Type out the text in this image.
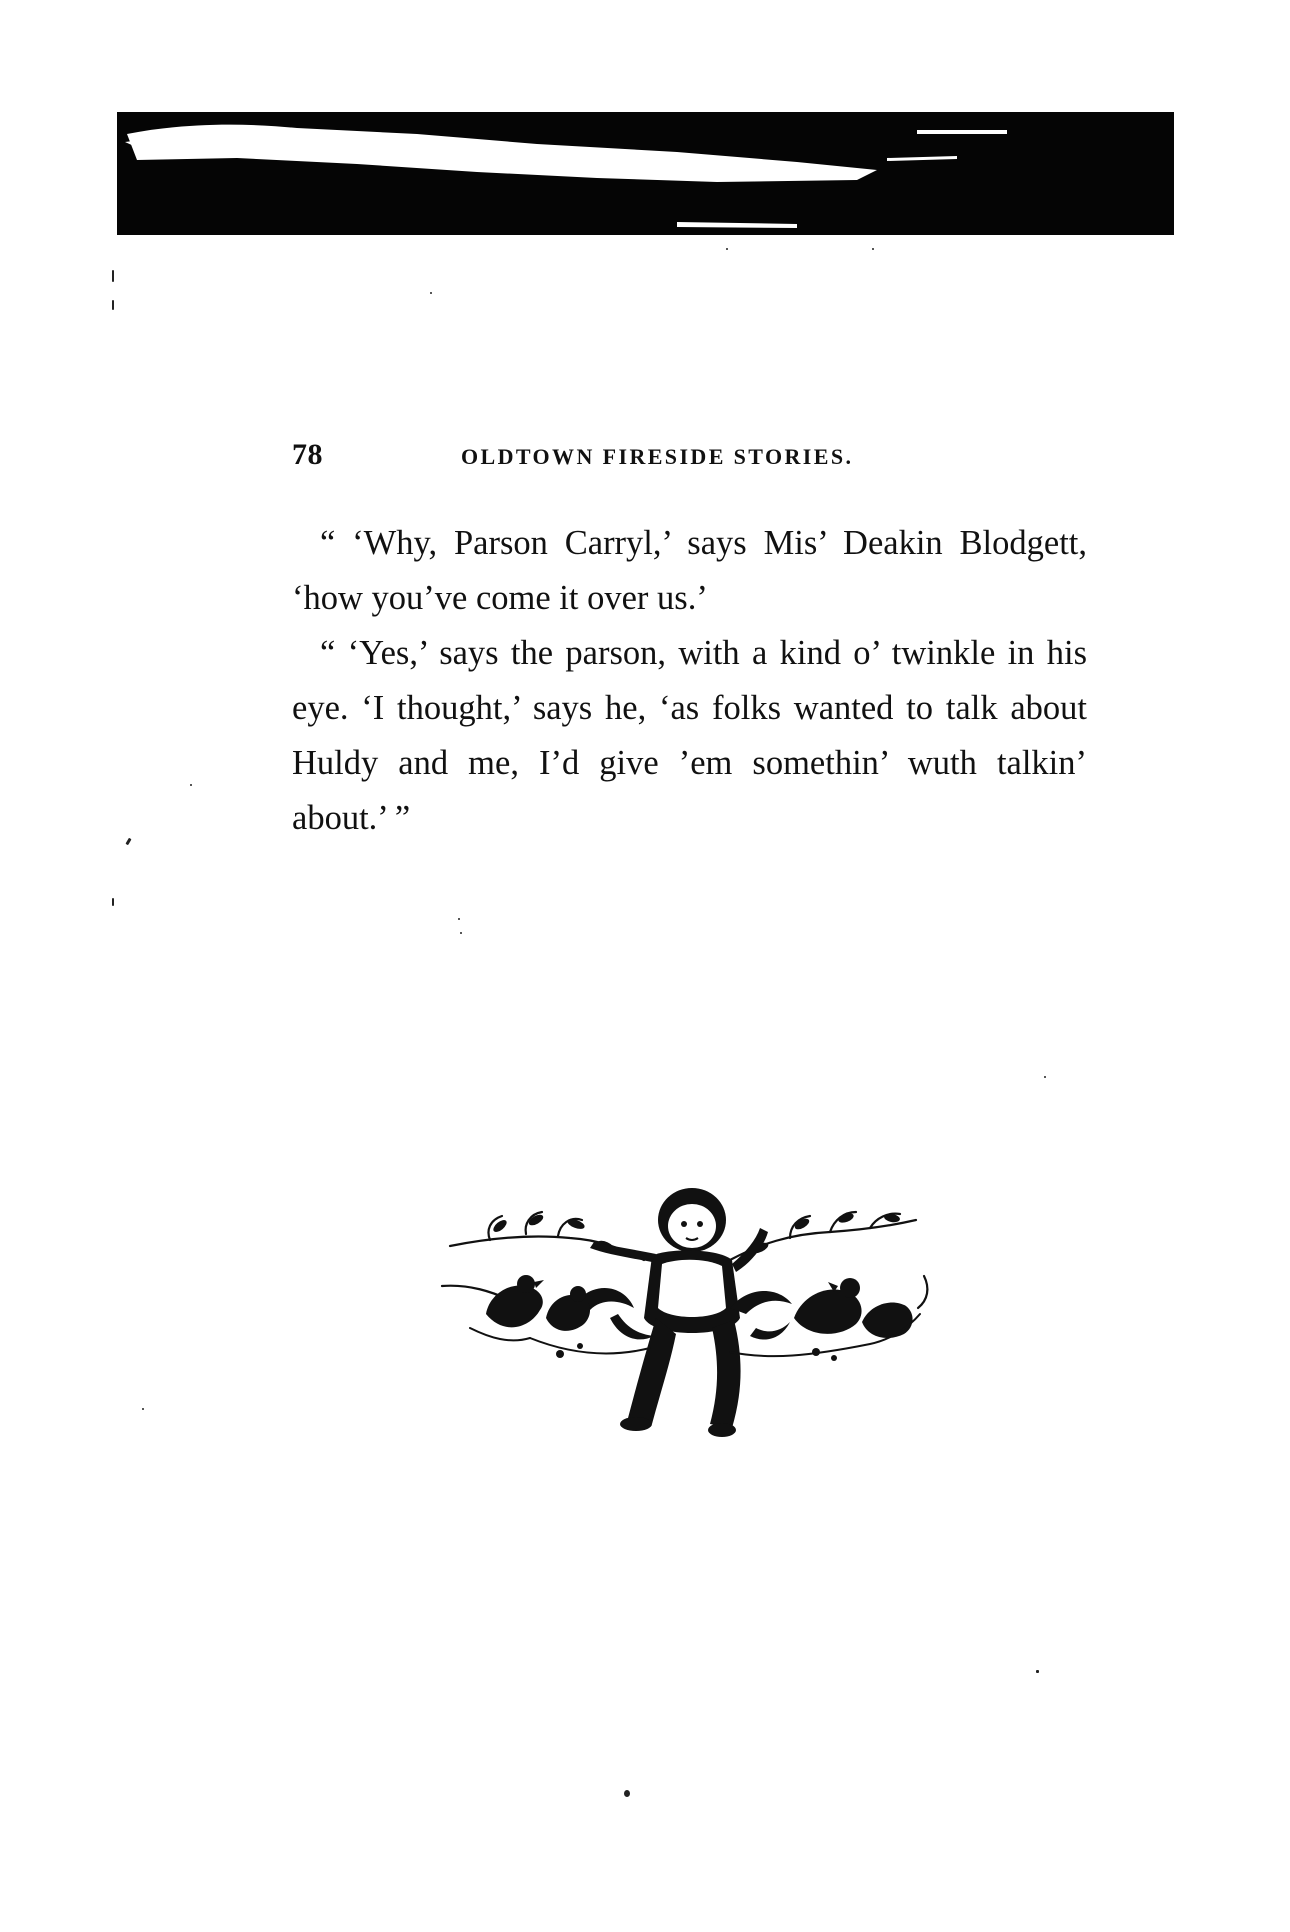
78	OLDTOWN FIRESIDE STORIES.

“ ‘Why, Parson Carryl,’ says Mis’ Deakin Blodgett, ‘how you’ve come it over us.’

“ ‘Yes,’ says the parson, with a kind o’ twinkle in his eye. ‘I thought,’ says he, ‘as folks wanted to talk about Huldy and me, I’d give ’em somethin’ wuth talkin’ about.’ ”
